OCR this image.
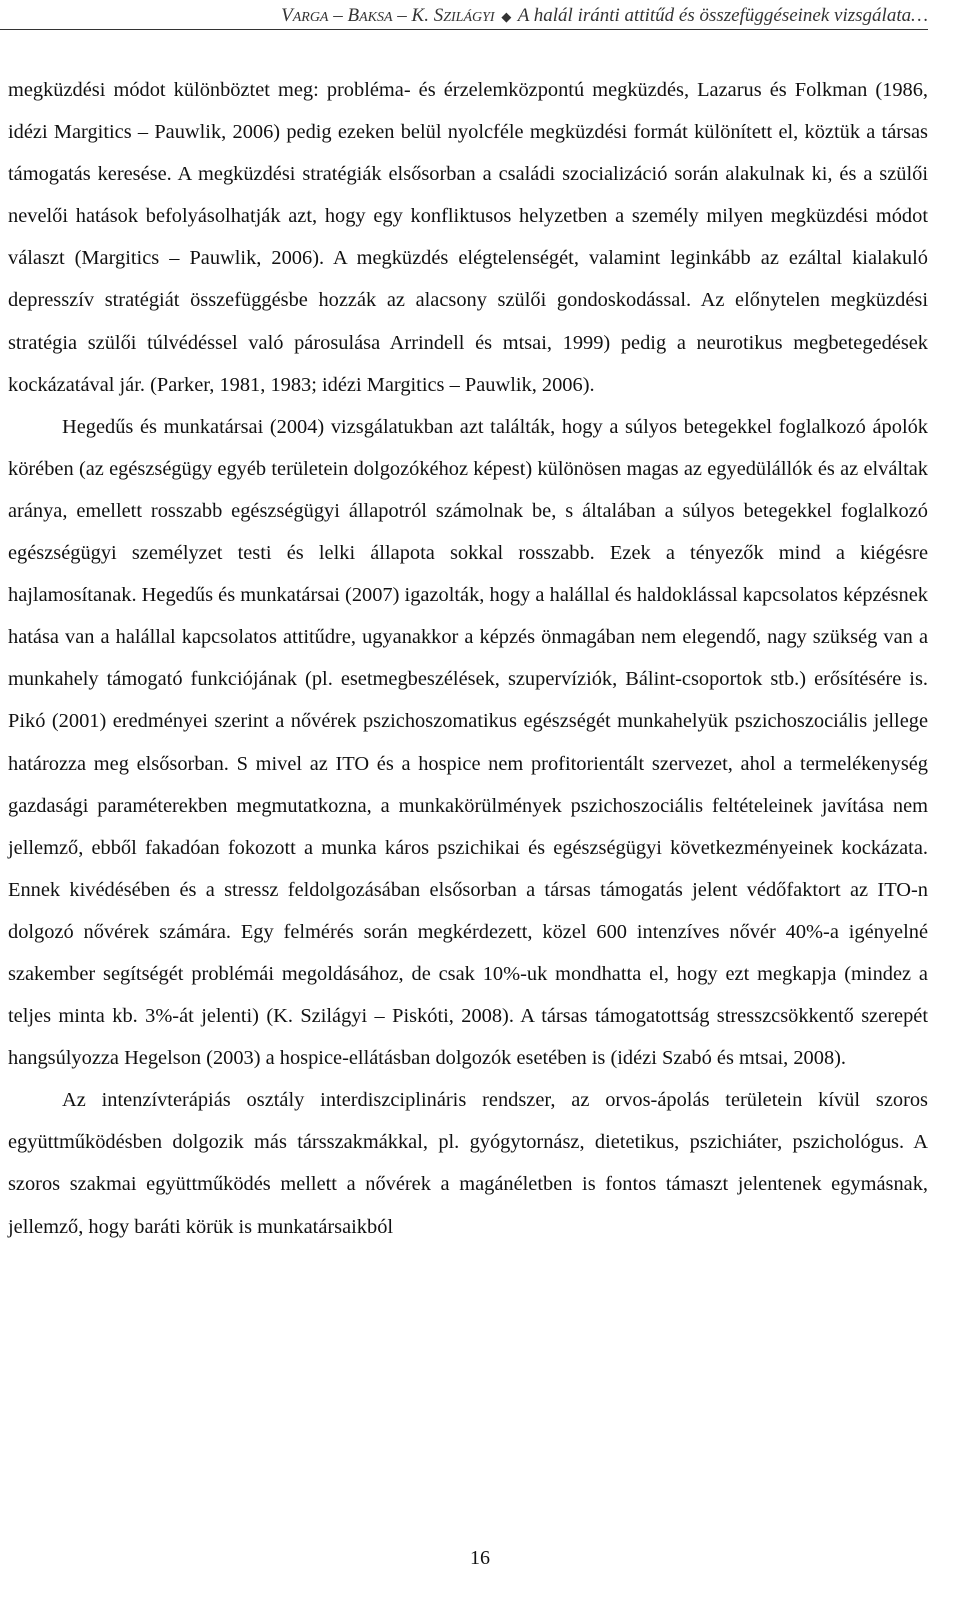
VARGA – BAKSA – K. SZILÁGYI ◆ A halál iránti attitűd és összefüggéseinek vizsgálata…

megküzdési módot különböztet meg: probléma- és érzelemközpontú megküzdés, Lazarus és Folkman (1986, idézi Margitics – Pauwlik, 2006) pedig ezeken belül nyolcféle megküzdési formát különített el, köztük a társas támogatás keresése. A megküzdési stratégiák elsősorban a családi szocializáció során alakulnak ki, és a szülői nevelői hatások befolyásolhatják azt, hogy egy konfliktusos helyzetben a személy milyen megküzdési módot választ (Margitics – Pauwlik, 2006). A megküzdés elégtelenségét, valamint leginkább az ezáltal kialakuló depresszív stratégiát összefüggésbe hozzák az alacsony szülői gondoskodással. Az előnytelen megküzdési stratégia szülői túlvédéssel való párosulása Arrindell és mtsai, 1999) pedig a neurotikus megbetegedések kockázatával jár. (Parker, 1981, 1983; idézi Margitics – Pauwlik, 2006).

Hegedűs és munkatársai (2004) vizsgálatukban azt találták, hogy a súlyos betegekkel foglalkozó ápolók körében (az egészségügy egyéb területein dolgozókéhoz képest) különösen magas az egyedülállók és az elváltak aránya, emellett rosszabb egészségügyi állapotról számolnak be, s általában a súlyos betegekkel foglalkozó egészségügyi személyzet testi és lelki állapota sokkal rosszabb. Ezek a tényezők mind a kiégésre hajlamosítanak. Hegedűs és munkatársai (2007) igazolták, hogy a halállal és haldoklással kapcsolatos képzésnek hatása van a halállal kapcsolatos attitűdre, ugyanakkor a képzés önmagában nem elegendő, nagy szükség van a munkahely támogató funkciójának (pl. esetmegbeszélések, szupervíziók, Bálint-csoportok stb.) erősítésére is. Pikó (2001) eredményei szerint a nővérek pszichoszomatikus egészségét munkahelyük pszichoszociális jellege határozza meg elsősorban. S mivel az ITO és a hospice nem profitorientált szervezet, ahol a termelékenység gazdasági paraméterekben megmutatkozna, a munkakörülmények pszichoszociális feltételeinek javítása nem jellemző, ebből fakadóan fokozott a munka káros pszichikai és egészségügyi következményeinek kockázata. Ennek kivédésében és a stressz feldolgozásában elsősorban a társas támogatás jelent védőfaktort az ITO-n dolgozó nővérek számára. Egy felmérés során megkérdezett, közel 600 intenzíves nővér 40%-a igényelné szakember segítségét problémái megoldásához, de csak 10%-uk mondhatta el, hogy ezt megkapja (mindez a teljes minta kb. 3%-át jelenti) (K. Szilágyi – Piskóti, 2008). A társas támogatottság stresszcsökkentő szerepét hangsúlyozza Hegelson (2003) a hospice-ellátásban dolgozók esetében is (idézi Szabó és mtsai, 2008).

Az intenzívterápiás osztály interdiszciplináris rendszer, az orvos-ápolás területein kívül szoros együttműködésben dolgozik más társszakmákkal, pl. gyógytornász, dietetikus, pszichiáter, pszichológus. A szoros szakmai együttműködés mellett a nővérek a magánéletben is fontos támaszt jelentenek egymásnak, jellemző, hogy baráti körük is munkatársaikból

16
